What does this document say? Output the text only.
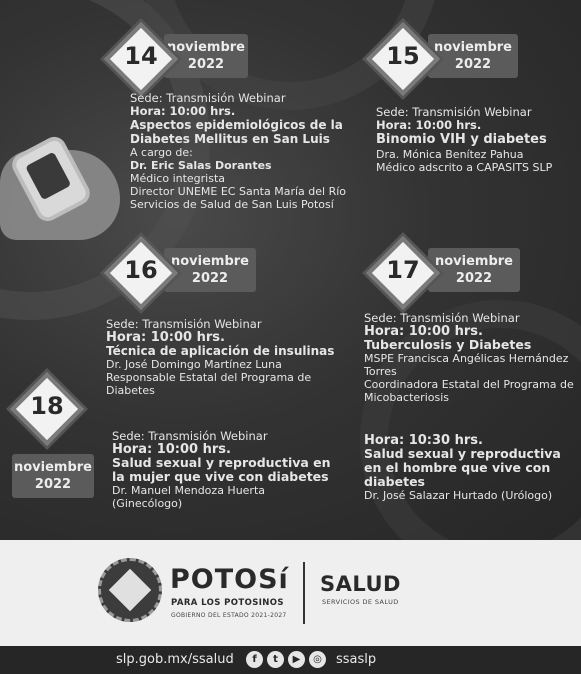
noviembre
2022
14

Sede: Transmisión Webinar

Hora: 10:00 hrs.

Aspectos epidemiológicos de la

Diabetes Mellitus en San Luis

A cargo de:

Dr. Eric Salas Dorantes

Médico integrista

Director UNEME EC Santa María del Río

Servicios de Salud de San Luis Potosí

noviembre
2022
15

Sede: Transmisión Webinar

Hora: 10:00 hrs.

Binomio VIH y diabetes

Dra. Mónica Benítez Pahua

Médico adscrito a CAPASITS SLP

noviembre
2022
16

Sede: Transmisión Webinar

Hora: 10:00 hrs.

Técnica de aplicación de insulinas

Dr. José Domingo Martínez Luna

Responsable Estatal del Programa de

Diabetes

noviembre
2022
17

Sede: Transmisión Webinar

Hora: 10:00 hrs.

Tuberculosis y Diabetes

MSPE Francisca Angélicas Hernández

Torres

Coordinadora Estatal del Programa de

Micobacteriosis

18
noviembre
2022

Sede: Transmisión Webinar

Hora: 10:00 hrs.

Salud sexual y reproductiva en

la mujer que vive con diabetes

Dr. Manuel Mendoza Huerta

(Ginecólogo)

Hora: 10:30 hrs.

Salud sexual y reproductiva

en el hombre que vive con

diabetes

Dr. José Salazar Hurtado (Urólogo)

POTOSí
PARA LOS POTOSINOS
GOBIERNO DEL ESTADO 2021-2027
SALUD
SERVICIOS DE SALUD
slp.gob.mx/ssalud	f	t	▶	◎	ssaslp
